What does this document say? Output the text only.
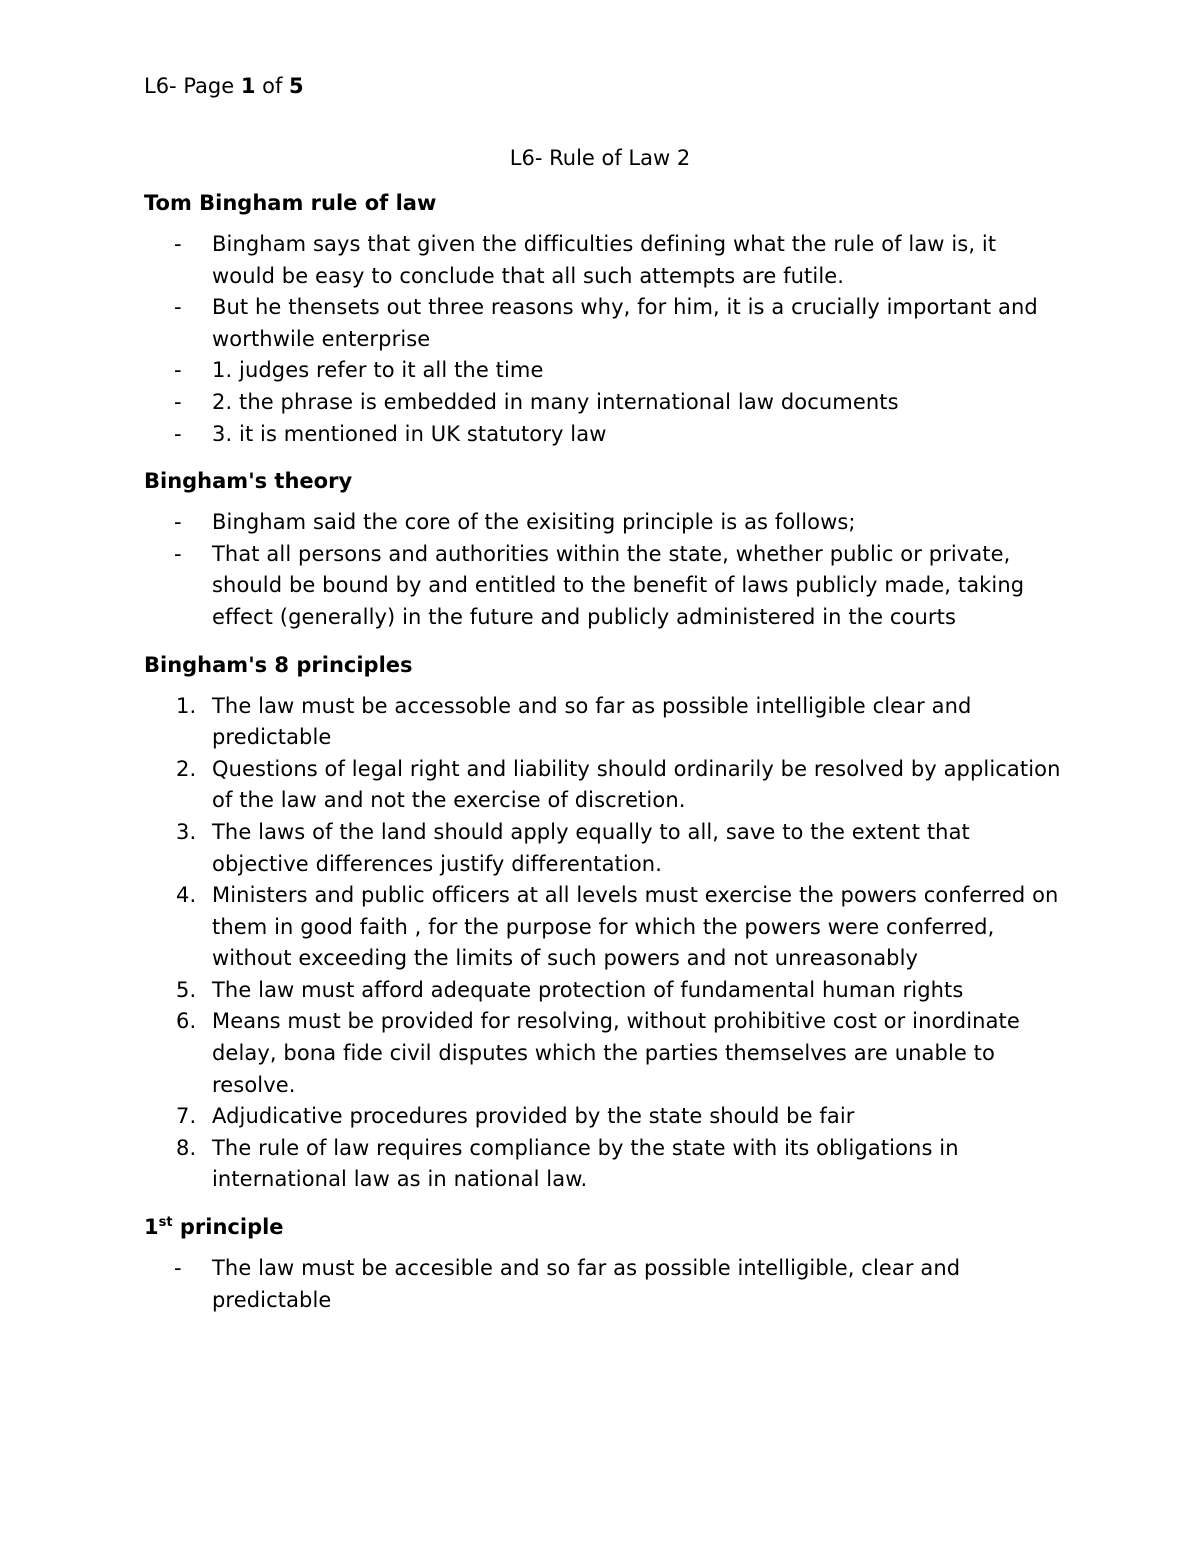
L6- Page 1 of 5
L6- Rule of Law 2
Tom Bingham rule of law
- Bingham says that given the difficulties defining what the rule of law is, it would be easy to conclude that all such attempts are futile.
- But he thensets out three reasons why, for him, it is a crucially important and worthwile enterprise
- 1. judges refer to it all the time
- 2. the phrase is embedded in many international law documents
- 3. it is mentioned in UK statutory law
Bingham's theory
- Bingham said the core of the exisiting principle is as follows;
- That all persons and authorities within the state, whether public or private, should be bound by and entitled to the benefit of laws publicly made, taking effect (generally) in the future and publicly administered in the courts
Bingham's 8 principles
1. The law must be accessoble and so far as possible intelligible clear and predictable
2. Questions of legal right and liability should ordinarily be resolved by application of the law and not the exercise of discretion.
3. The laws of the land should apply equally to all, save to the extent that objective differences justify differentation.
4. Ministers and public officers at all levels must exercise the powers conferred on them in good faith , for the purpose for which the powers were conferred, without exceeding the limits of such powers and not unreasonably
5. The law must afford adequate protection of fundamental human rights
6. Means must be provided for resolving, without prohibitive cost or inordinate delay, bona fide civil disputes which the parties themselves are unable to resolve.
7. Adjudicative procedures provided by the state should be fair
8. The rule of law requires compliance by the state with its obligations in international law as in national law.
1st principle
- The law must be accesible and so far as possible intelligible, clear and predictable
